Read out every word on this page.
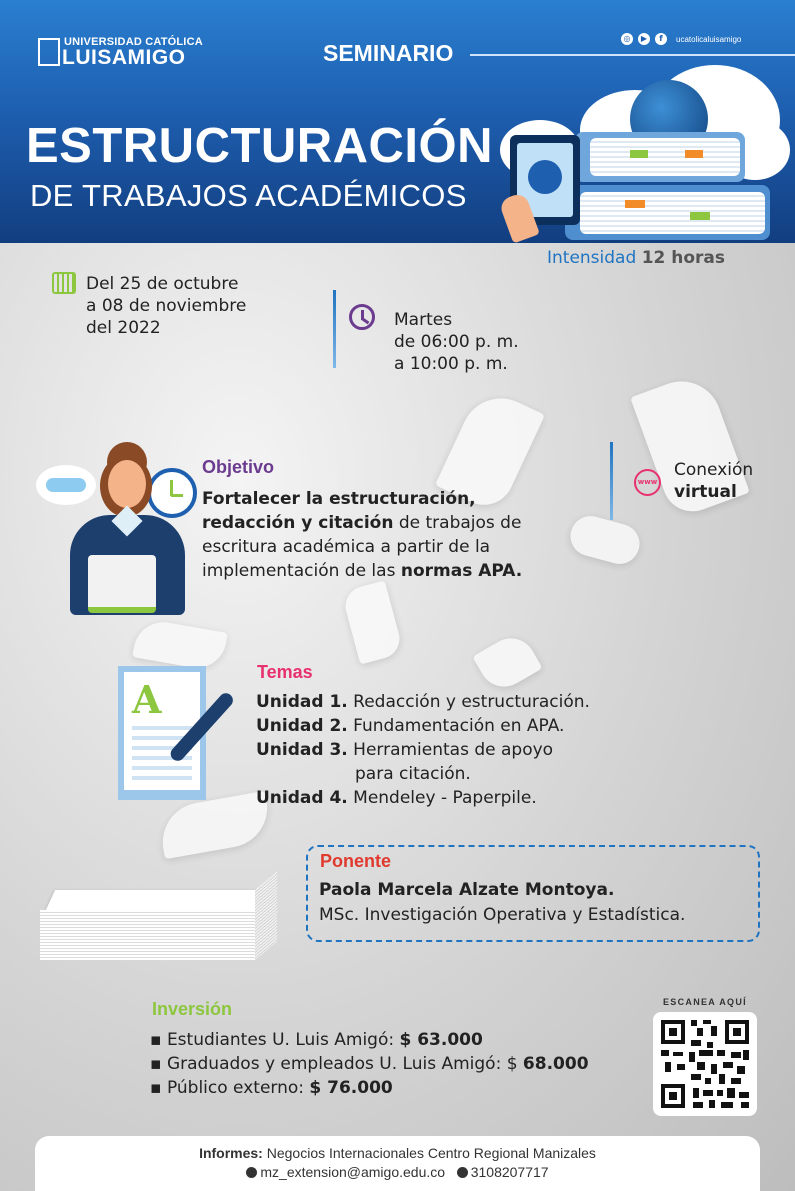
UNIVERSIDAD CATÓLICA
LUISAMIGO	SEMINARIO
◎	▶	f	ucatolicaluisamigo
ESTRUCTURACIÓN
DE TRABAJOS ACADÉMICOS
Intensidad 12 horas
Del 25 de octubre
a 08 de noviembre
del 2022	Martes
de 06:00 p. m.
a 10:00 p. m.
www
Conexión
virtual
Objetivo
Fortalecer la estructuración, redacción y citación de trabajos de escritura académica a partir de la implementación de las normas APA.
A
Temas
Unidad 1. Redacción y estructuración.
Unidad 2. Fundamentación en APA.
Unidad 3. Herramientas de apoyo
para citación.
Unidad 4. Mendeley - Paperpile.
Ponente
Paola Marcela Alzate Montoya.
MSc. Investigación Operativa y Estadística.
Inversión
▪ Estudiantes U. Luis Amigó: $ 63.000
▪ Graduados y empleados U. Luis Amigó: $ 68.000
▪ Público externo: $ 76.000
ESCANEA AQUÍ
Informes: Negocios Internacionales Centro Regional Manizales
mz_extension@amigo.edu.co 3108207717
